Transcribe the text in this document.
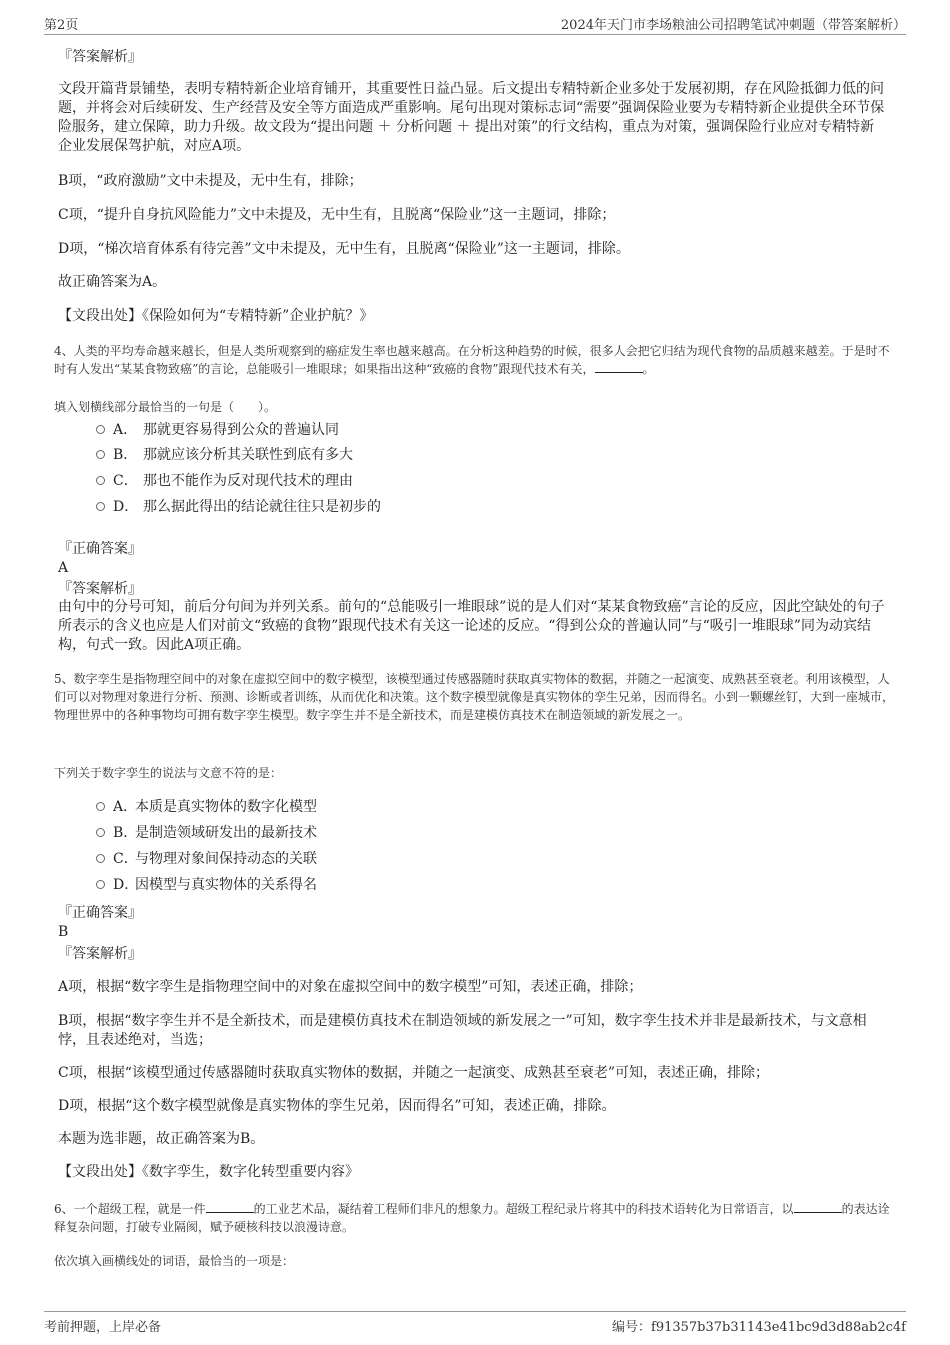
第2页	2024年天门市李场粮油公司招聘笔试冲刺题（带答案解析）
『答案解析』
文段开篇背景铺垫，表明专精特新企业培育铺开，其重要性日益凸显。后文提出专精特新企业多处于发展初期，存在风险抵御力低的问题，并将会对后续研发、生产经营及安全等方面造成严重影响。尾句出现对策标志词“需要”强调保险业要为专精特新企业提供全环节保险服务，建立保障，助力升级。故文段为“提出问题 ＋ 分析问题 ＋ 提出对策”的行文结构，重点为对策，强调保险行业应对专精特新企业发展保驾护航，对应A项。
B项，“政府激励”文中未提及，无中生有，排除；
C项，“提升自身抗风险能力”文中未提及，无中生有，且脱离“保险业”这一主题词，排除；
D项，“梯次培育体系有待完善”文中未提及，无中生有，且脱离“保险业”这一主题词，排除。
故正确答案为A。
【文段出处】《保险如何为“专精特新”企业护航？》
4、人类的平均寿命越来越长，但是人类所观察到的癌症发生率也越来越高。在分析这种趋势的时候，很多人会把它归结为现代食物的品质越来越差。于是时不时有人发出“某某食物致癌”的言论，总能吸引一堆眼球；如果指出这种“致癌的食物”跟现代技术有关，	。
填入划横线部分最恰当的一句是（　　）。
A． 那就更容易得到公众的普遍认同
B． 那就应该分析其关联性到底有多大
C． 那也不能作为反对现代技术的理由
D． 那么据此得出的结论就往往只是初步的
『正确答案』
A
『答案解析』
由句中的分号可知，前后分句间为并列关系。前句的“总能吸引一堆眼球”说的是人们对“某某食物致癌”言论的反应，因此空缺处的句子所表示的含义也应是人们对前文“致癌的食物”跟现代技术有关这一论述的反应。“得到公众的普遍认同”与“吸引一堆眼球”同为动宾结构，句式一致。因此A项正确。
5、数字孪生是指物理空间中的对象在虚拟空间中的数字模型，该模型通过传感器随时获取真实物体的数据，并随之一起演变、成熟甚至衰老。利用该模型，人们可以对物理对象进行分析、预测、诊断或者训练，从而优化和决策。这个数字模型就像是真实物体的孪生兄弟，因而得名。小到一颗螺丝钉，大到一座城市，物理世界中的各种事物均可拥有数字孪生模型。数字孪生并不是全新技术，而是建模仿真技术在制造领域的新发展之一。
下列关于数字孪生的说法与文意不符的是：
A．本质是真实物体的数字化模型
B．是制造领域研发出的最新技术
C．与物理对象间保持动态的关联
D．因模型与真实物体的关系得名
『正确答案』
B
『答案解析』
A项，根据“数字孪生是指物理空间中的对象在虚拟空间中的数字模型”可知，表述正确，排除；
B项，根据“数字孪生并不是全新技术，而是建模仿真技术在制造领域的新发展之一”可知，数字孪生技术并非是最新技术，与文意相悖，且表述绝对，当选；
C项，根据“该模型通过传感器随时获取真实物体的数据，并随之一起演变、成熟甚至衰老”可知，表述正确，排除；
D项，根据“这个数字模型就像是真实物体的孪生兄弟，因而得名”可知，表述正确，排除。
本题为选非题，故正确答案为B。
【文段出处】《数字孪生，数字化转型重要内容》
6、一个超级工程，就是一件	的工业艺术品，凝结着工程师们非凡的想象力。超级工程纪录片将其中的科技术语转化为日常语言，以	的表达诠释复杂问题，打破专业隔阂，赋予硬核科技以浪漫诗意。
依次填入画横线处的词语，最恰当的一项是：
考前押题，上岸必备	编号：f91357b37b31143e41bc9d3d88ab2c4f
